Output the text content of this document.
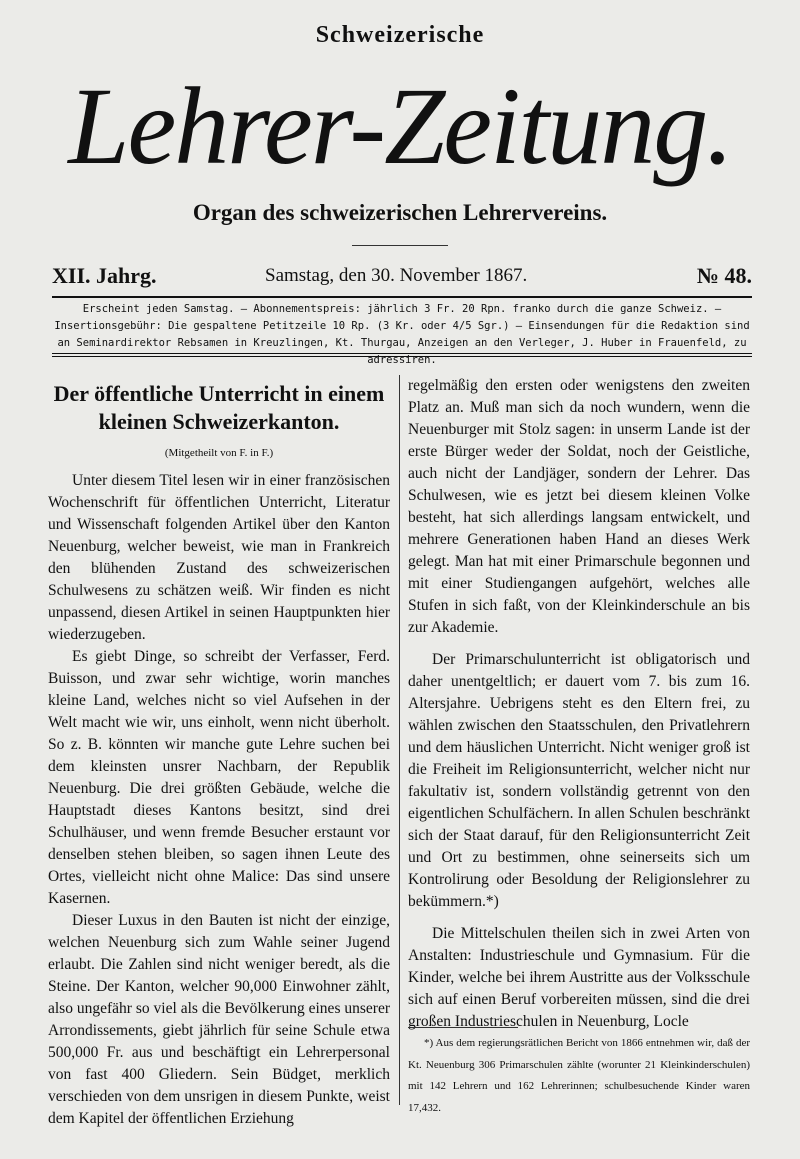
Schweizerische
Lehrer-Zeitung.
Organ des schweizerischen Lehrervereins.
XII. Jahrg.	Samstag, den 30. November 1867.	№ 48.
Erscheint jeden Samstag. — Abonnementspreis: jährlich 3 Fr. 20 Rpn. franko durch die ganze Schweiz. — Insertionsgebühr: Die gespaltene Petitzeile 10 Rp. (3 Kr. oder 4/5 Sgr.) — Einsendungen für die Redaktion sind an Seminardirektor Rebsamen in Kreuzlingen, Kt. Thurgau, Anzeigen an den Verleger, J. Huber in Frauenfeld, zu adressiren.
Der öffentliche Unterricht in einem kleinen Schweizerkanton.
(Mitgetheilt von F. in F.)

Unter diesem Titel lesen wir in einer französischen Wochenschrift für öffentlichen Unterricht, Literatur und Wissenschaft folgenden Artikel über den Kanton Neuenburg, welcher beweist, wie man in Frankreich den blühenden Zustand des schweizerischen Schulwesens zu schätzen weiß. Wir finden es nicht unpassend, diesen Artikel in seinen Hauptpunkten hier wiederzugeben.

Es giebt Dinge, so schreibt der Verfasser, Ferd. Buisson, und zwar sehr wichtige, worin manches kleine Land, welches nicht so viel Aufsehen in der Welt macht wie wir, uns einholt, wenn nicht überholt. So z. B. könnten wir manche gute Lehre suchen bei dem kleinsten unsrer Nachbarn, der Republik Neuenburg. Die drei größten Gebäude, welche die Hauptstadt dieses Kantons besitzt, sind drei Schulhäuser, und wenn fremde Besucher erstaunt vor denselben stehen bleiben, so sagen ihnen Leute des Ortes, vielleicht nicht ohne Malice: Das sind unsere Kasernen.

Dieser Luxus in den Bauten ist nicht der einzige, welchen Neuenburg sich zum Wahle seiner Jugend erlaubt. Die Zahlen sind nicht weniger beredt, als die Steine. Der Kanton, welcher 90,000 Einwohner zählt, also ungefähr so viel als die Bevölkerung eines unserer Arrondissements, giebt jährlich für seine Schule etwa 500,000 Fr. aus und beschäftigt ein Lehrerpersonal von fast 400 Gliedern. Sein Büdget, merklich verschieden von dem unsrigen in diesem Punkte, weist dem Kapitel der öffentlichen Erziehung

regelmäßig den ersten oder wenigstens den zweiten Platz an. Muß man sich da noch wundern, wenn die Neuenburger mit Stolz sagen: in unserm Lande ist der erste Bürger weder der Soldat, noch der Geistliche, auch nicht der Landjäger, sondern der Lehrer. Das Schulwesen, wie es jetzt bei diesem kleinen Volke besteht, hat sich allerdings langsam entwickelt, und mehrere Generationen haben Hand an dieses Werk gelegt. Man hat mit einer Primarschule begonnen und mit einer Studiengangen aufgehört, welches alle Stufen in sich faßt, von der Kleinkinderschule an bis zur Akademie.

Der Primarschulunterricht ist obligatorisch und daher unentgeltlich; er dauert vom 7. bis zum 16. Altersjahre. Uebrigens steht es den Eltern frei, zu wählen zwischen den Staatsschulen, den Privatlehrern und dem häuslichen Unterricht. Nicht weniger groß ist die Freiheit im Religionsunterricht, welcher nicht nur fakultativ ist, sondern vollständig getrennt von den eigentlichen Schulfächern. In allen Schulen beschränkt sich der Staat darauf, für den Religionsunterricht Zeit und Ort zu bestimmen, ohne seinerseits sich um Kontrolirung oder Besoldung der Religionslehrer zu bekümmern.*)

Die Mittelschulen theilen sich in zwei Arten von Anstalten: Industrieschule und Gymnasium. Für die Kinder, welche bei ihrem Austritte aus der Volksschule sich auf einen Beruf vorbereiten müssen, sind die drei großen Industrieschulen in Neuenburg, Locle

*) Aus dem regierungsrätlichen Bericht von 1866 entnehmen wir, daß der Kt. Neuenburg 306 Primarschulen zählte (worunter 21 Kleinkinderschulen) mit 142 Lehrern und 162 Lehrerinnen; schulbesuchende Kinder waren 17,432.
